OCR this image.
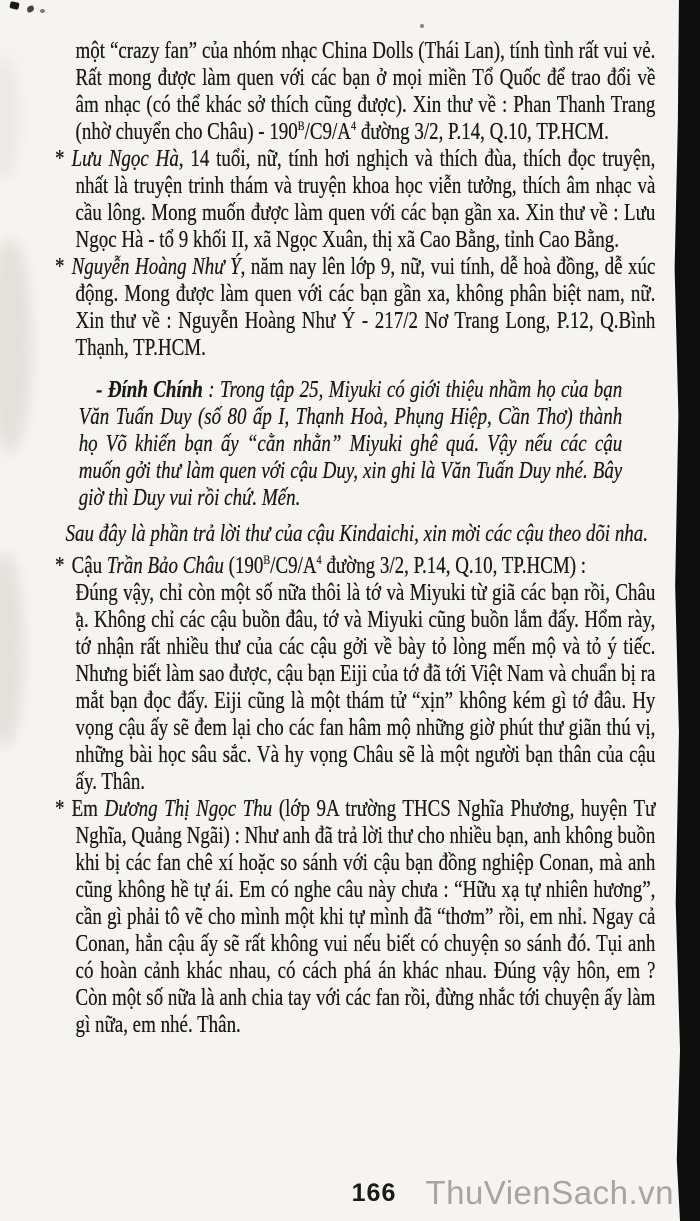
một “crazy fan” của nhóm nhạc China Dolls (Thái Lan), tính tình rất vui vẻ. Rất mong được làm quen với các bạn ở mọi miền Tổ Quốc để trao đổi về âm nhạc (có thể khác sở thích cũng được). Xin thư về : Phan Thanh Trang (nhờ chuyển cho Châu) - $190^B/C9/A^4$ đường 3/2, P.14, Q.10, TP.HCM.

* Lưu Ngọc Hà, 14 tuổi, nữ, tính hơi nghịch và thích đùa, thích đọc truyện, nhất là truyện trinh thám và truyện khoa học viễn tưởng, thích âm nhạc và cầu lông. Mong muốn được làm quen với các bạn gần xa. Xin thư về : Lưu Ngọc Hà - tổ 9 khối II, xã Ngọc Xuân, thị xã Cao Bằng, tỉnh Cao Bằng.

* Nguyễn Hoàng Như Ý, năm nay lên lớp 9, nữ, vui tính, dễ hoà đồng, dễ xúc động. Mong được làm quen với các bạn gần xa, không phân biệt nam, nữ. Xin thư về : Nguyễn Hoàng Như Ý - 217/2 Nơ Trang Long, P.12, Q.Bình Thạnh, TP.HCM.

- Đính Chính : Trong tập 25, Miyuki có giới thiệu nhầm họ của bạn Văn Tuấn Duy (số 80 ấp I, Thạnh Hoà, Phụng Hiệp, Cần Thơ) thành họ Võ khiến bạn ấy “cằn nhằn” Miyuki ghê quá. Vậy nếu các cậu muốn gởi thư làm quen với cậu Duy, xin ghi là Văn Tuấn Duy nhé. Bây giờ thì Duy vui rồi chứ. Mến.

Sau đây là phần trả lời thư của cậu Kindaichi, xin mời các cậu theo dõi nha.

* Cậu Trần Bảo Châu ($190^B/C9/A^4$ đường 3/2, P.14, Q.10, TP.HCM) :
Đúng vậy, chỉ còn một số nữa thôi là tớ và Miyuki từ giã các bạn rồi, Châu ạ. Không chỉ các cậu buồn đâu, tớ và Miyuki cũng buồn lắm đấy. Hổm rày, tớ nhận rất nhiều thư của các cậu gởi về bày tỏ lòng mến mộ và tỏ ý tiếc. Nhưng biết làm sao được, cậu bạn Eiji của tớ đã tới Việt Nam và chuẩn bị ra mắt bạn đọc đấy. Eiji cũng là một thám tử “xịn” không kém gì tớ đâu. Hy vọng cậu ấy sẽ đem lại cho các fan hâm mộ những giờ phút thư giãn thú vị, những bài học sâu sắc. Và hy vọng Châu sẽ là một người bạn thân của cậu ấy. Thân.

* Em Dương Thị Ngọc Thu (lớp 9A trường THCS Nghĩa Phương, huyện Tư Nghĩa, Quảng Ngãi) : Như anh đã trả lời thư cho nhiều bạn, anh không buồn khi bị các fan chê xí hoặc so sánh với cậu bạn đồng nghiệp Conan, mà anh cũng không hề tự ái. Em có nghe câu này chưa : “Hữu xạ tự nhiên hương”, cần gì phải tô vẽ cho mình một khi tự mình đã “thơm” rồi, em nhỉ. Ngay cả Conan, hẳn cậu ấy sẽ rất không vui nếu biết có chuyện so sánh đó. Tụi anh có hoàn cảnh khác nhau, có cách phá án khác nhau. Đúng vậy hôn, em ? Còn một số nữa là anh chia tay với các fan rồi, đừng nhắc tới chuyện ấy làm gì nữa, em nhé. Thân.

166 ThuVienSach.vn
